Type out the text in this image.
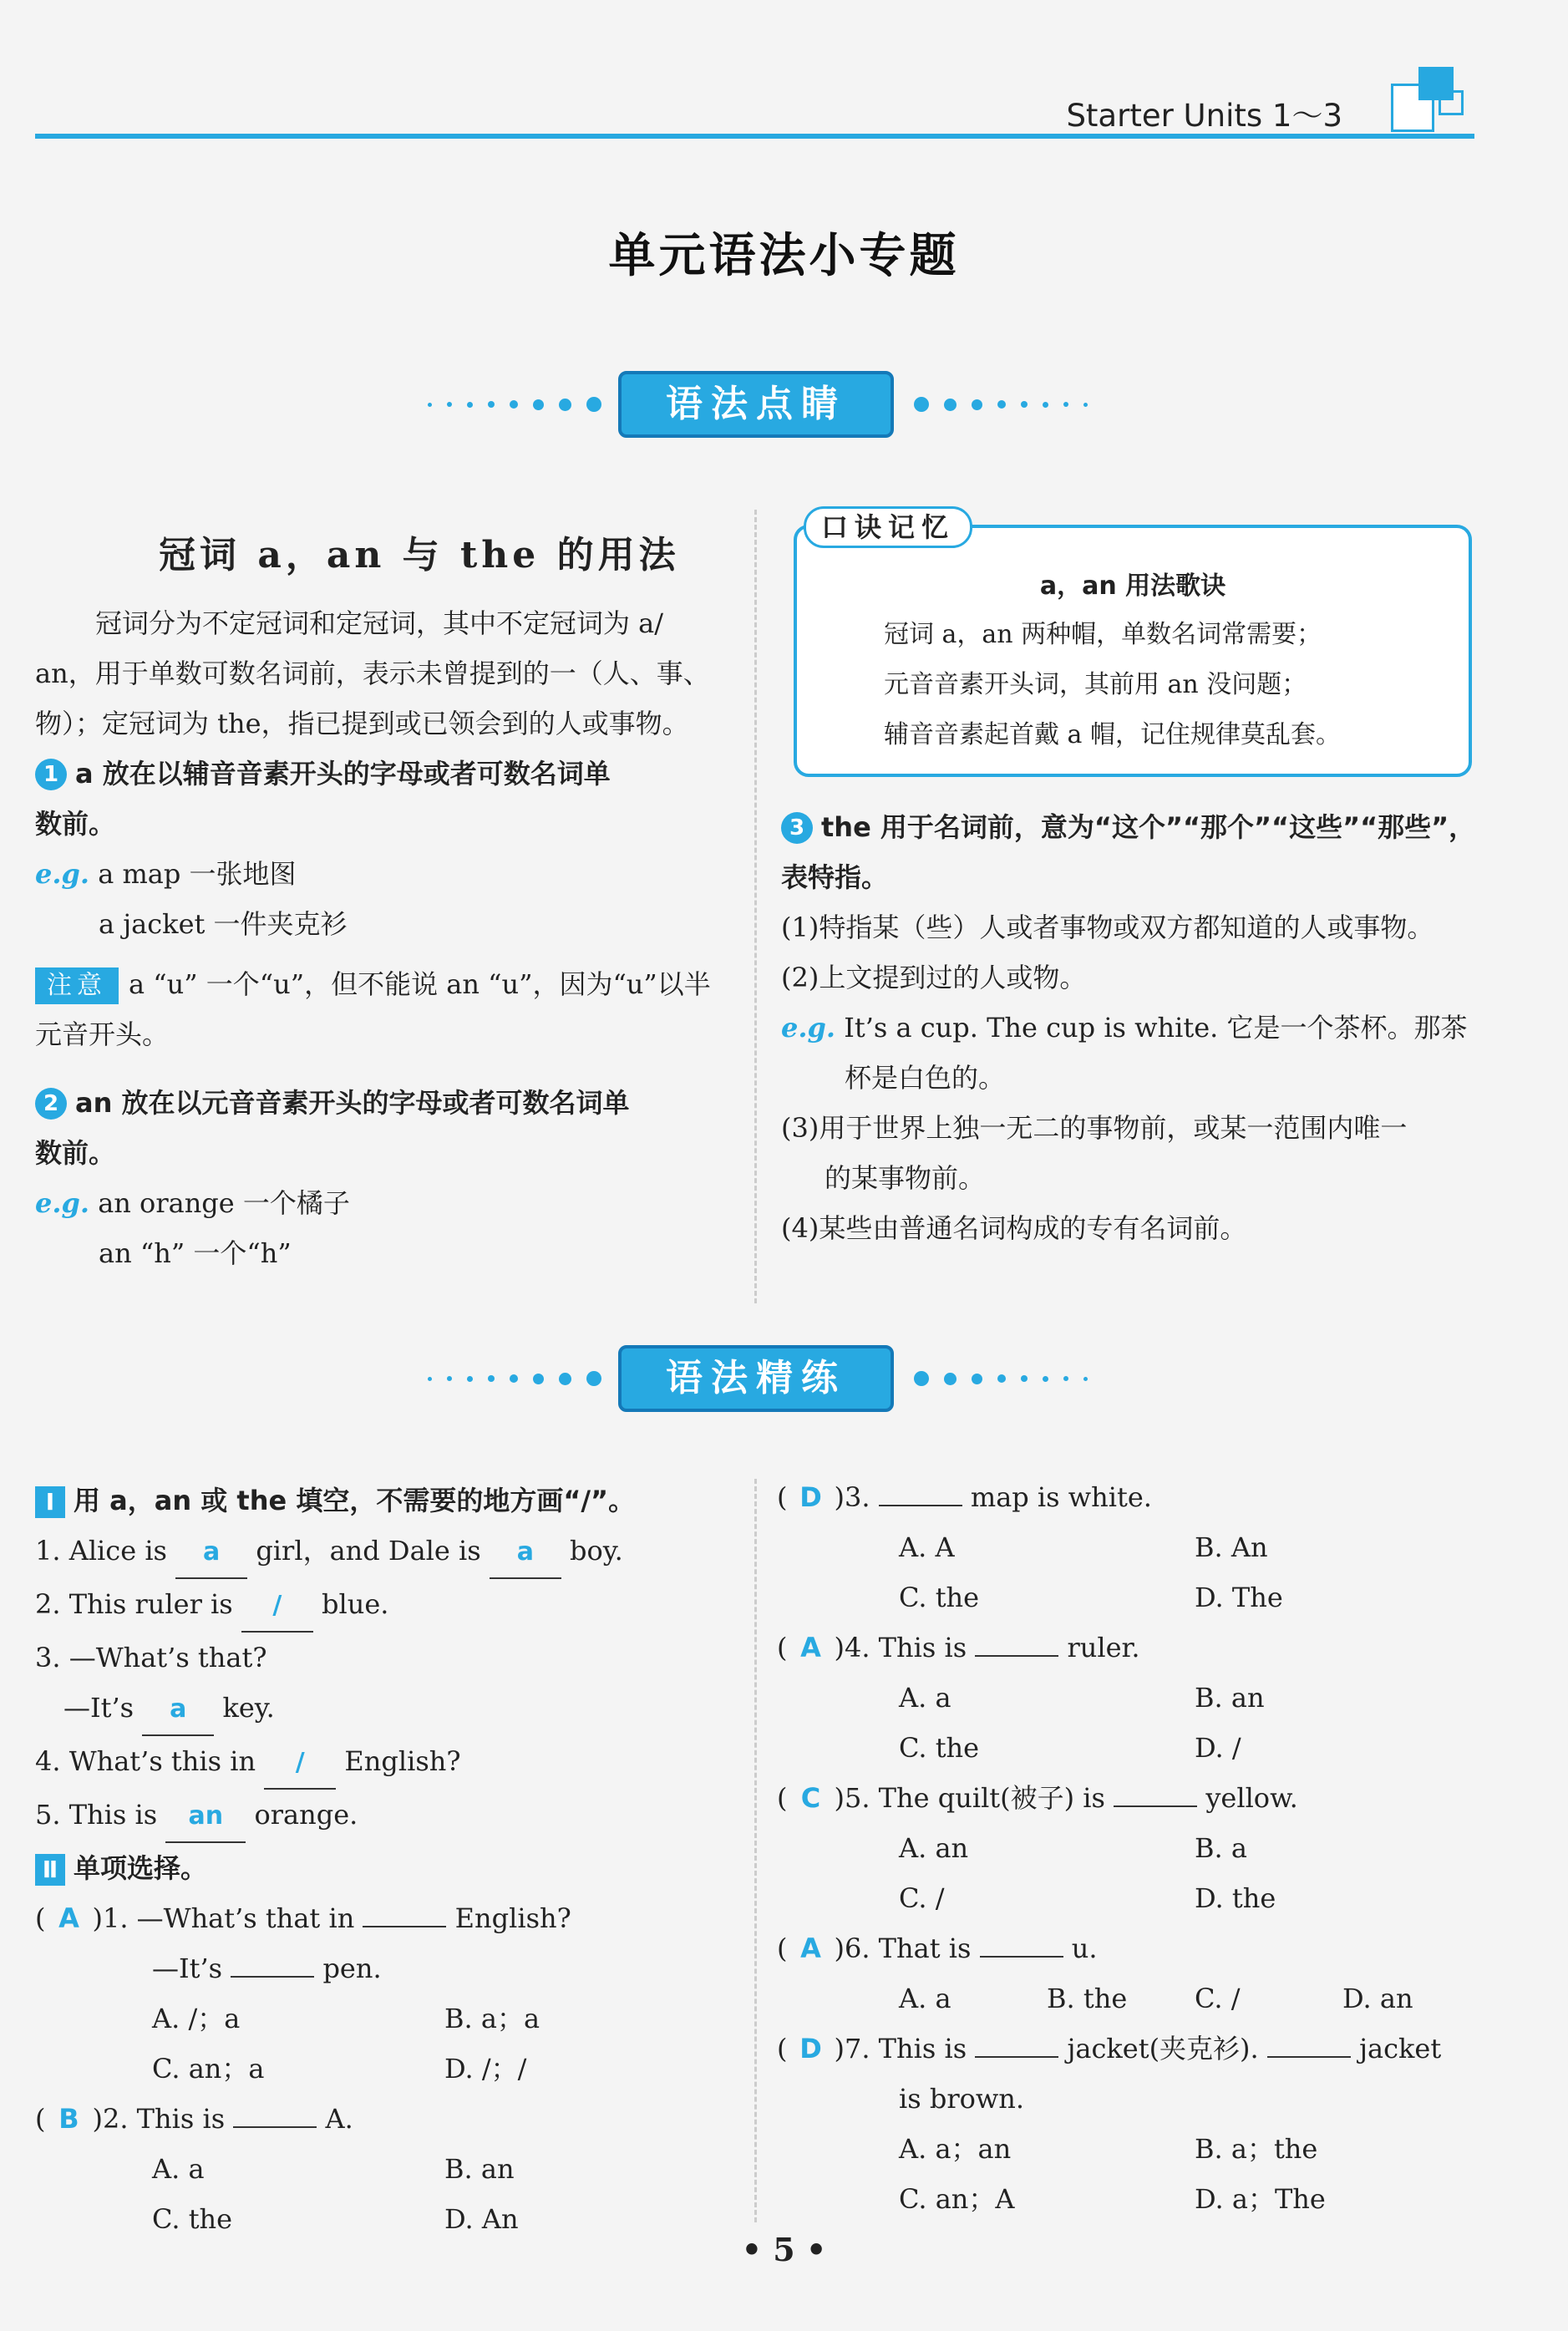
Starter Units 1～3
单元语法小专题
语法点睛
冠词 a，an 与 the 的用法
冠词分为不定冠词和定冠词，其中不定冠词为 a/
an，用于单数可数名词前，表示未曾提到的一（人、事、
物）；定冠词为 the，指已提到或已领会到的人或事物。
1 a 放在以辅音音素开头的字母或者可数名词单
数前。
e.g. a map 一张地图
a jacket 一件夹克衫
注意 a “u” 一个“u”，但不能说 an “u”，因为“u”以半
元音开头。
2 an 放在以元音音素开头的字母或者可数名词单
数前。
e.g. an orange 一个橘子
an “h” 一个“h”
口诀记忆
a，an 用法歌诀
冠词 a，an 两种帽，单数名词常需要；
元音音素开头词，其前用 an 没问题；
辅音音素起首戴 a 帽，记住规律莫乱套。
3 the 用于名词前，意为“这个”“那个”“这些”“那些”，
表特指。
(1)特指某（些）人或者事物或双方都知道的人或事物。
(2)上文提到过的人或物。
e.g. It’s a cup. The cup is white. 它是一个茶杯。那茶
杯是白色的。
(3)用于世界上独一无二的事物前，或某一范围内唯一
的某事物前。
(4)某些由普通名词构成的专有名词前。
语法精练
Ⅰ 用 a，an 或 the 填空，不需要的地方画“/”。
1. Alice is a girl，and Dale is a boy.
2. This ruler is / blue.
3. —What’s that?
—It’s a key.
4. What’s this in / English?
5. This is an orange.
Ⅱ 单项选择。
( A )1. —What’s that in	English?
—It’s	pen.
A. /；a	B. a；a
C. an；a	D. /；/
( B )2. This is	A.
A. a	B. an
C. the	D. An
( D )3.	map is white.
A. A	B. An
C. the	D. The
( A )4. This is	ruler.
A. a	B. an
C. the	D. /
( C )5. The quilt(被子) is	yellow.
A. an	B. a
C. /	D. the
( A )6. That is	u.
A. a	B. the	C. /	D. an
( D )7. This is	jacket(夹克衫).	jacket
is brown.
A. a；an	B. a；the
C. an；A	D. a；The
• 5 •
